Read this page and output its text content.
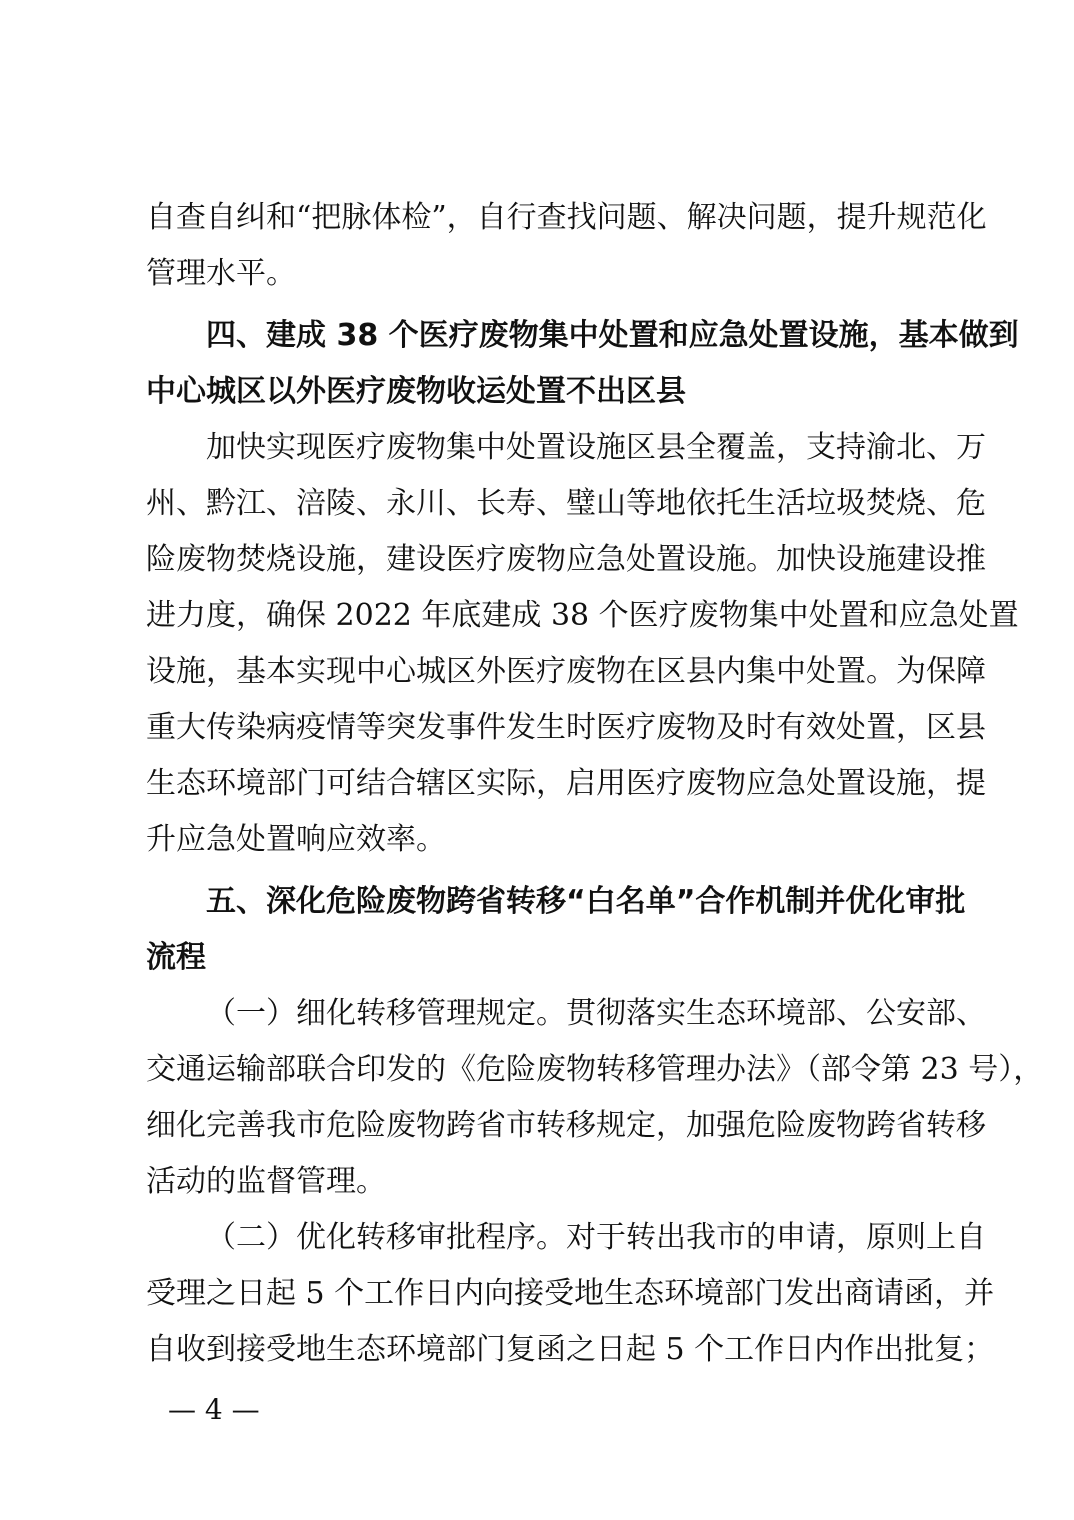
自查自纠和“把脉体检”，自行查找问题、解决问题，提升规范化
管理水平。
四、建成 38 个医疗废物集中处置和应急处置设施，基本做到
中心城区以外医疗废物收运处置不出区县
加快实现医疗废物集中处置设施区县全覆盖，支持渝北、万
州、黔江、涪陵、永川、长寿、璧山等地依托生活垃圾焚烧、危
险废物焚烧设施，建设医疗废物应急处置设施。加快设施建设推
进力度，确保 2022 年底建成 38 个医疗废物集中处置和应急处置
设施，基本实现中心城区外医疗废物在区县内集中处置。为保障
重大传染病疫情等突发事件发生时医疗废物及时有效处置，区县
生态环境部门可结合辖区实际，启用医疗废物应急处置设施，提
升应急处置响应效率。
五、深化危险废物跨省转移“白名单”合作机制并优化审批
流程
（一）细化转移管理规定。贯彻落实生态环境部、公安部、
交通运输部联合印发的《危险废物转移管理办法》（部令第 23 号），
细化完善我市危险废物跨省市转移规定，加强危险废物跨省转移
活动的监督管理。
（二）优化转移审批程序。对于转出我市的申请，原则上自
受理之日起 5 个工作日内向接受地生态环境部门发出商请函，并
自收到接受地生态环境部门复函之日起 5 个工作日内作出批复；
— 4 —
